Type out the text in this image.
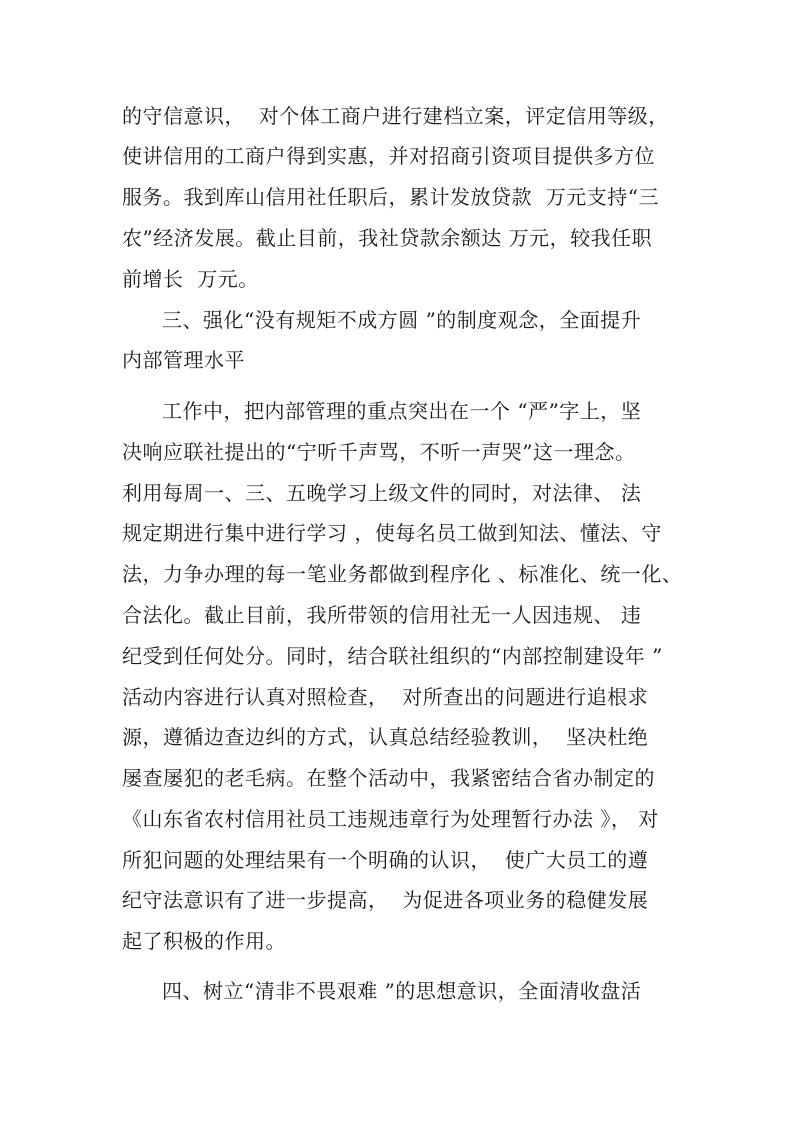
的守信意识，  对个体工商户进行建档立案，评定信用等级，
使讲信用的工商户得到实惠，并对招商引资项目提供多方位
服务。我到库山信用社任职后，累计发放贷款  万元支持“三
农”经济发展。截止目前，我社贷款余额达 万元，较我任职
前增长  万元。
三、强化“没有规矩不成方圆 ”的制度观念，全面提升
内部管理水平
工作中，把内部管理的重点突出在一个 “严”字上，坚
决响应联社提出的“宁听千声骂，不听一声哭”这一理念。
利用每周一、三、五晚学习上级文件的同时，对法律、 法
规定期进行集中进行学习 ，使每名员工做到知法、懂法、守
法，力争办理的每一笔业务都做到程序化 、标准化、统一化、
合法化。截止目前，我所带领的信用社无一人因违规、 违
纪受到任何处分。同时，结合联社组织的“内部控制建设年 ”
活动内容进行认真对照检查，  对所查出的问题进行追根求
源，遵循边查边纠的方式，认真总结经验教训，  坚决杜绝
屡查屡犯的老毛病。在整个活动中，我紧密结合省办制定的
《山东省农村信用社员工违规违章行为处理暂行办法 》， 对
所犯问题的处理结果有一个明确的认识，  使广大员工的遵
纪守法意识有了进一步提高，  为促进各项业务的稳健发展
起了积极的作用。
四、树立“清非不畏艰难 ”的思想意识，全面清收盘活
